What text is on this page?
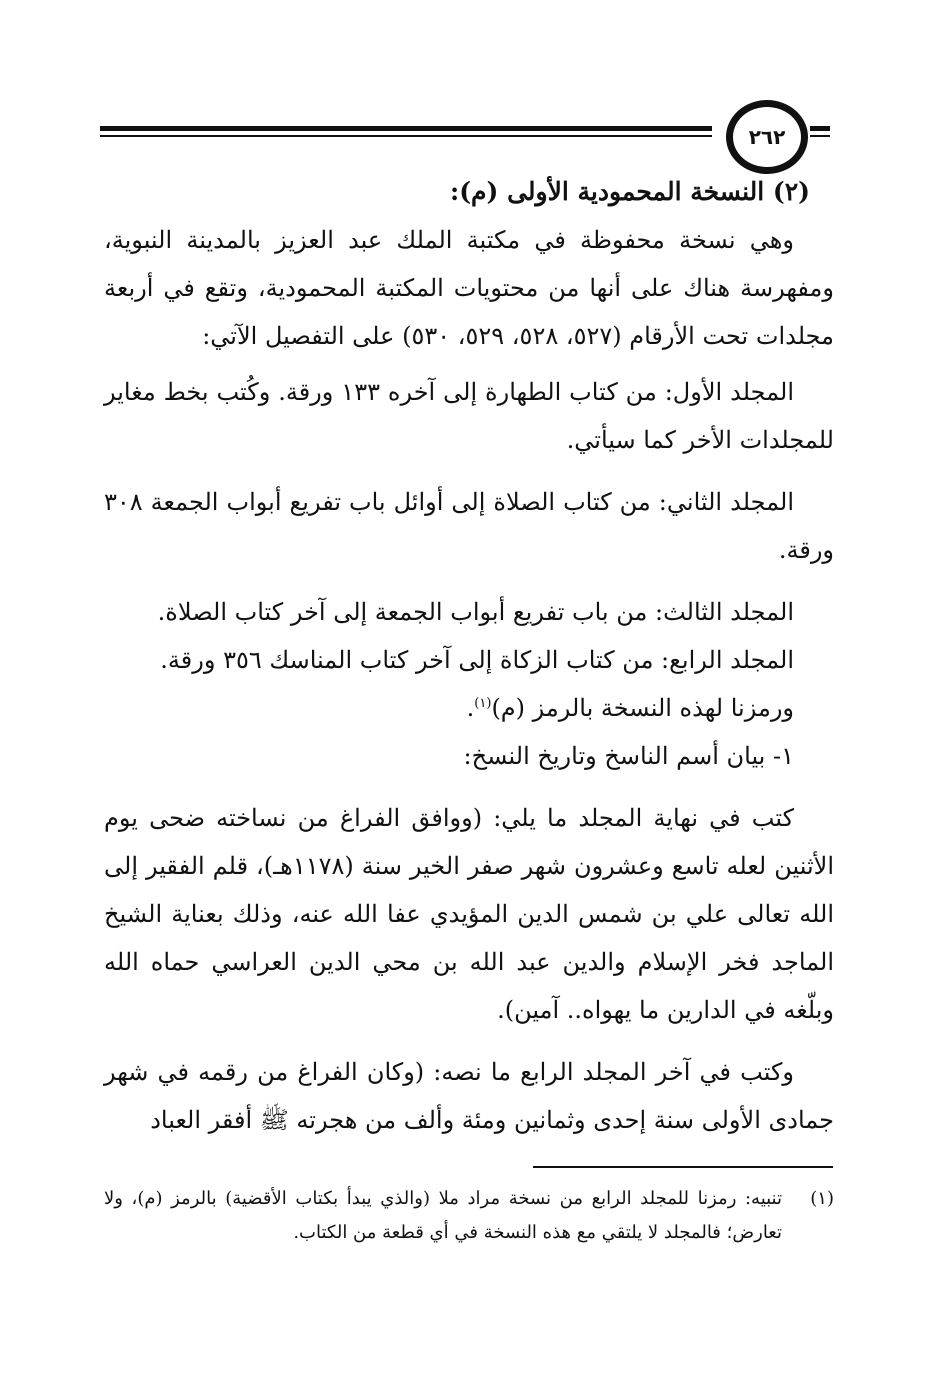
٢٦٢
(٢) النسخة المحمودية الأولى (م):

وهي نسخة محفوظة في مكتبة الملك عبد العزيز بالمدينة النبوية، ومفهرسة هناك على أنها من محتويات المكتبة المحمودية، وتقع في أربعة مجلدات تحت الأرقام (٥٢٧، ٥٢٨، ٥٢٩، ٥٣٠) على التفصيل الآتي:

المجلد الأول: من كتاب الطهارة إلى آخره ١٣٣ ورقة. وكُتب بخط مغاير للمجلدات الأخر كما سيأتي.

المجلد الثاني: من كتاب الصلاة إلى أوائل باب تفريع أبواب الجمعة ٣٠٨ ورقة.

المجلد الثالث: من باب تفريع أبواب الجمعة إلى آخر كتاب الصلاة.

المجلد الرابع: من كتاب الزكاة إلى آخر كتاب المناسك ٣٥٦ ورقة.

ورمزنا لهذه النسخة بالرمز (م)$^{(١)}$.

١- بيان أسم الناسخ وتاريخ النسخ:

كتب في نهاية المجلد ما يلي: (ووافق الفراغ من نساخته ضحى يوم الأثنين لعله تاسع وعشرون شهر صفر الخير سنة (١١٧٨هـ)، قلم الفقير إلى الله تعالى علي بن شمس الدين المؤيدي عفا الله عنه، وذلك بعناية الشيخ الماجد فخر الإسلام والدين عبد الله بن محي الدين العراسي حماه الله وبلّغه في الدارين ما يهواه.. آمين).

وكتب في آخر المجلد الرابع ما نصه: (وكان الفراغ من رقمه في شهر جمادى الأولى سنة إحدى وثمانين ومئة وألف من هجرته ﷺ أفقر العباد

(١)
تنبيه: رمزنا للمجلد الرابع من نسخة مراد ملا (والذي يبدأ بكتاب الأقضية) بالرمز (م)، ولا تعارض؛ فالمجلد لا يلتقي مع هذه النسخة في أي قطعة من الكتاب.
